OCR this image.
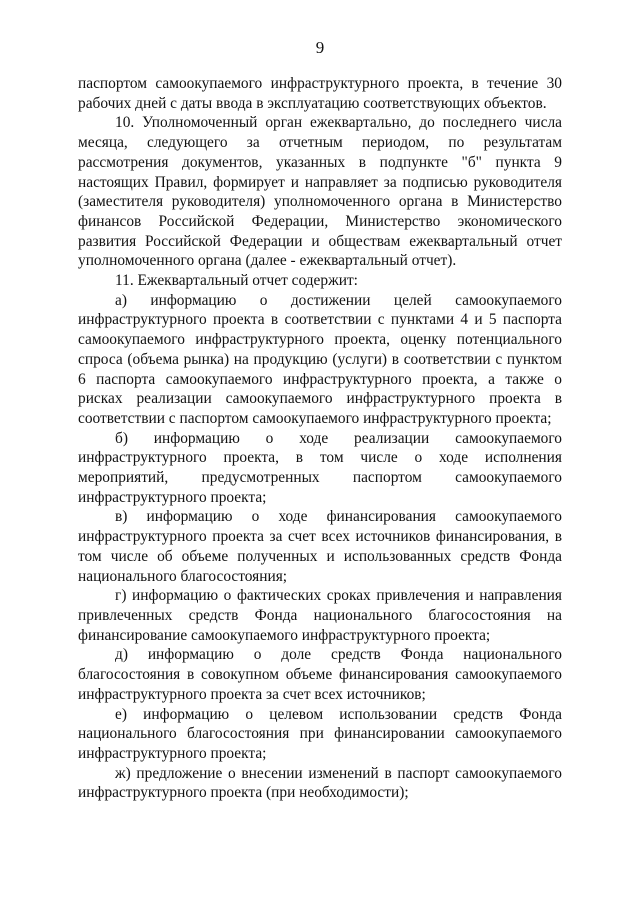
9

паспортом самоокупаемого инфраструктурного проекта, в течение 30 рабочих дней с даты ввода в эксплуатацию соответствующих объектов.

10. Уполномоченный орган ежеквартально, до последнего числа месяца, следующего за отчетным периодом, по результатам рассмотрения документов, указанных в подпункте "б" пункта 9 настоящих Правил, формирует и направляет за подписью руководителя (заместителя руководителя) уполномоченного органа в Министерство финансов Российской Федерации, Министерство экономического развития Российской Федерации и обществам ежеквартальный отчет уполномоченного органа (далее - ежеквартальный отчет).

11. Ежеквартальный отчет содержит:

а) информацию о достижении целей самоокупаемого инфраструктурного проекта в соответствии с пунктами 4 и 5 паспорта самоокупаемого инфраструктурного проекта, оценку потенциального спроса (объема рынка) на продукцию (услуги) в соответствии с пунктом 6 паспорта самоокупаемого инфраструктурного проекта, а также о рисках реализации самоокупаемого инфраструктурного проекта в соответствии с паспортом самоокупаемого инфраструктурного проекта;

б) информацию о ходе реализации самоокупаемого инфраструктурного проекта, в том числе о ходе исполнения мероприятий, предусмотренных паспортом самоокупаемого инфраструктурного проекта;

в) информацию о ходе финансирования самоокупаемого инфраструктурного проекта за счет всех источников финансирования, в том числе об объеме полученных и использованных средств Фонда национального благосостояния;

г) информацию о фактических сроках привлечения и направления привлеченных средств Фонда национального благосостояния на финансирование самоокупаемого инфраструктурного проекта;

д) информацию о доле средств Фонда национального благосостояния в совокупном объеме финансирования самоокупаемого инфраструктурного проекта за счет всех источников;

е) информацию о целевом использовании средств Фонда национального благосостояния при финансировании самоокупаемого инфраструктурного проекта;

ж) предложение о внесении изменений в паспорт самоокупаемого инфраструктурного проекта (при необходимости);
